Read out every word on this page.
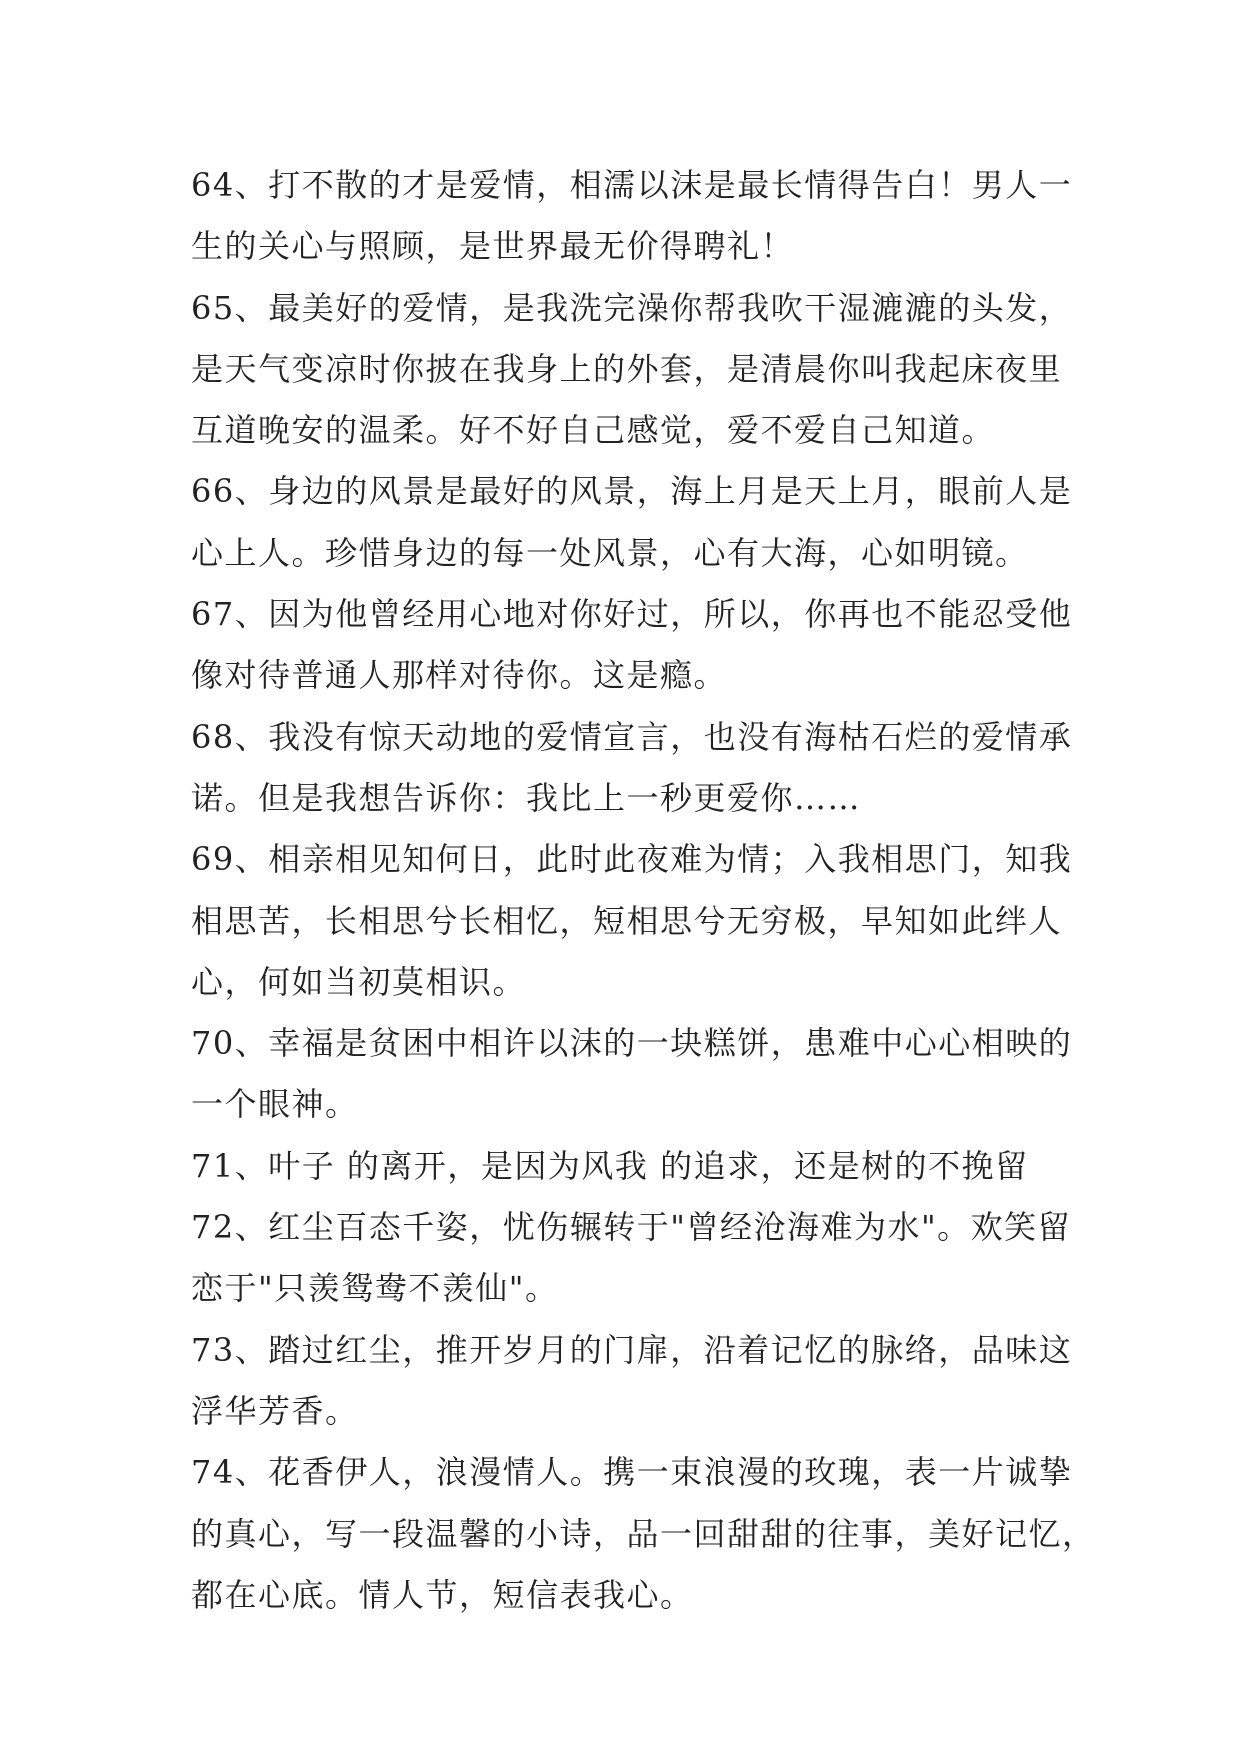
64、打不散的才是爱情，相濡以沫是最长情得告白！男人一
生的关心与照顾，是世界最无价得聘礼！

65、最美好的爱情，是我洗完澡你帮我吹干湿漉漉的头发，
是天气变凉时你披在我身上的外套，是清晨你叫我起床夜里
互道晚安的温柔。好不好自己感觉，爱不爱自己知道。

66、身边的风景是最好的风景，海上月是天上月，眼前人是
心上人。珍惜身边的每一处风景，心有大海，心如明镜。

67、因为他曾经用心地对你好过，所以，你再也不能忍受他
像对待普通人那样对待你。这是瘾。

68、我没有惊天动地的爱情宣言，也没有海枯石烂的爱情承
诺。但是我想告诉你：我比上一秒更爱你……

69、相亲相见知何日，此时此夜难为情；入我相思门，知我
相思苦，长相思兮长相忆，短相思兮无穷极，早知如此绊人
心，何如当初莫相识。

70、幸福是贫困中相许以沫的一块糕饼，患难中心心相映的
一个眼神。

71、叶子 的离开，是因为风我 的追求，还是树的不挽留

72、红尘百态千姿，忧伤辗转于"曾经沧海难为水"。欢笑留
恋于"只羡鸳鸯不羡仙"。

73、踏过红尘，推开岁月的门扉，沿着记忆的脉络，品味这
浮华芳香。

74、花香伊人，浪漫情人。携一束浪漫的玫瑰，表一片诚挚
的真心，写一段温馨的小诗，品一回甜甜的往事，美好记忆，
都在心底。情人节，短信表我心。
